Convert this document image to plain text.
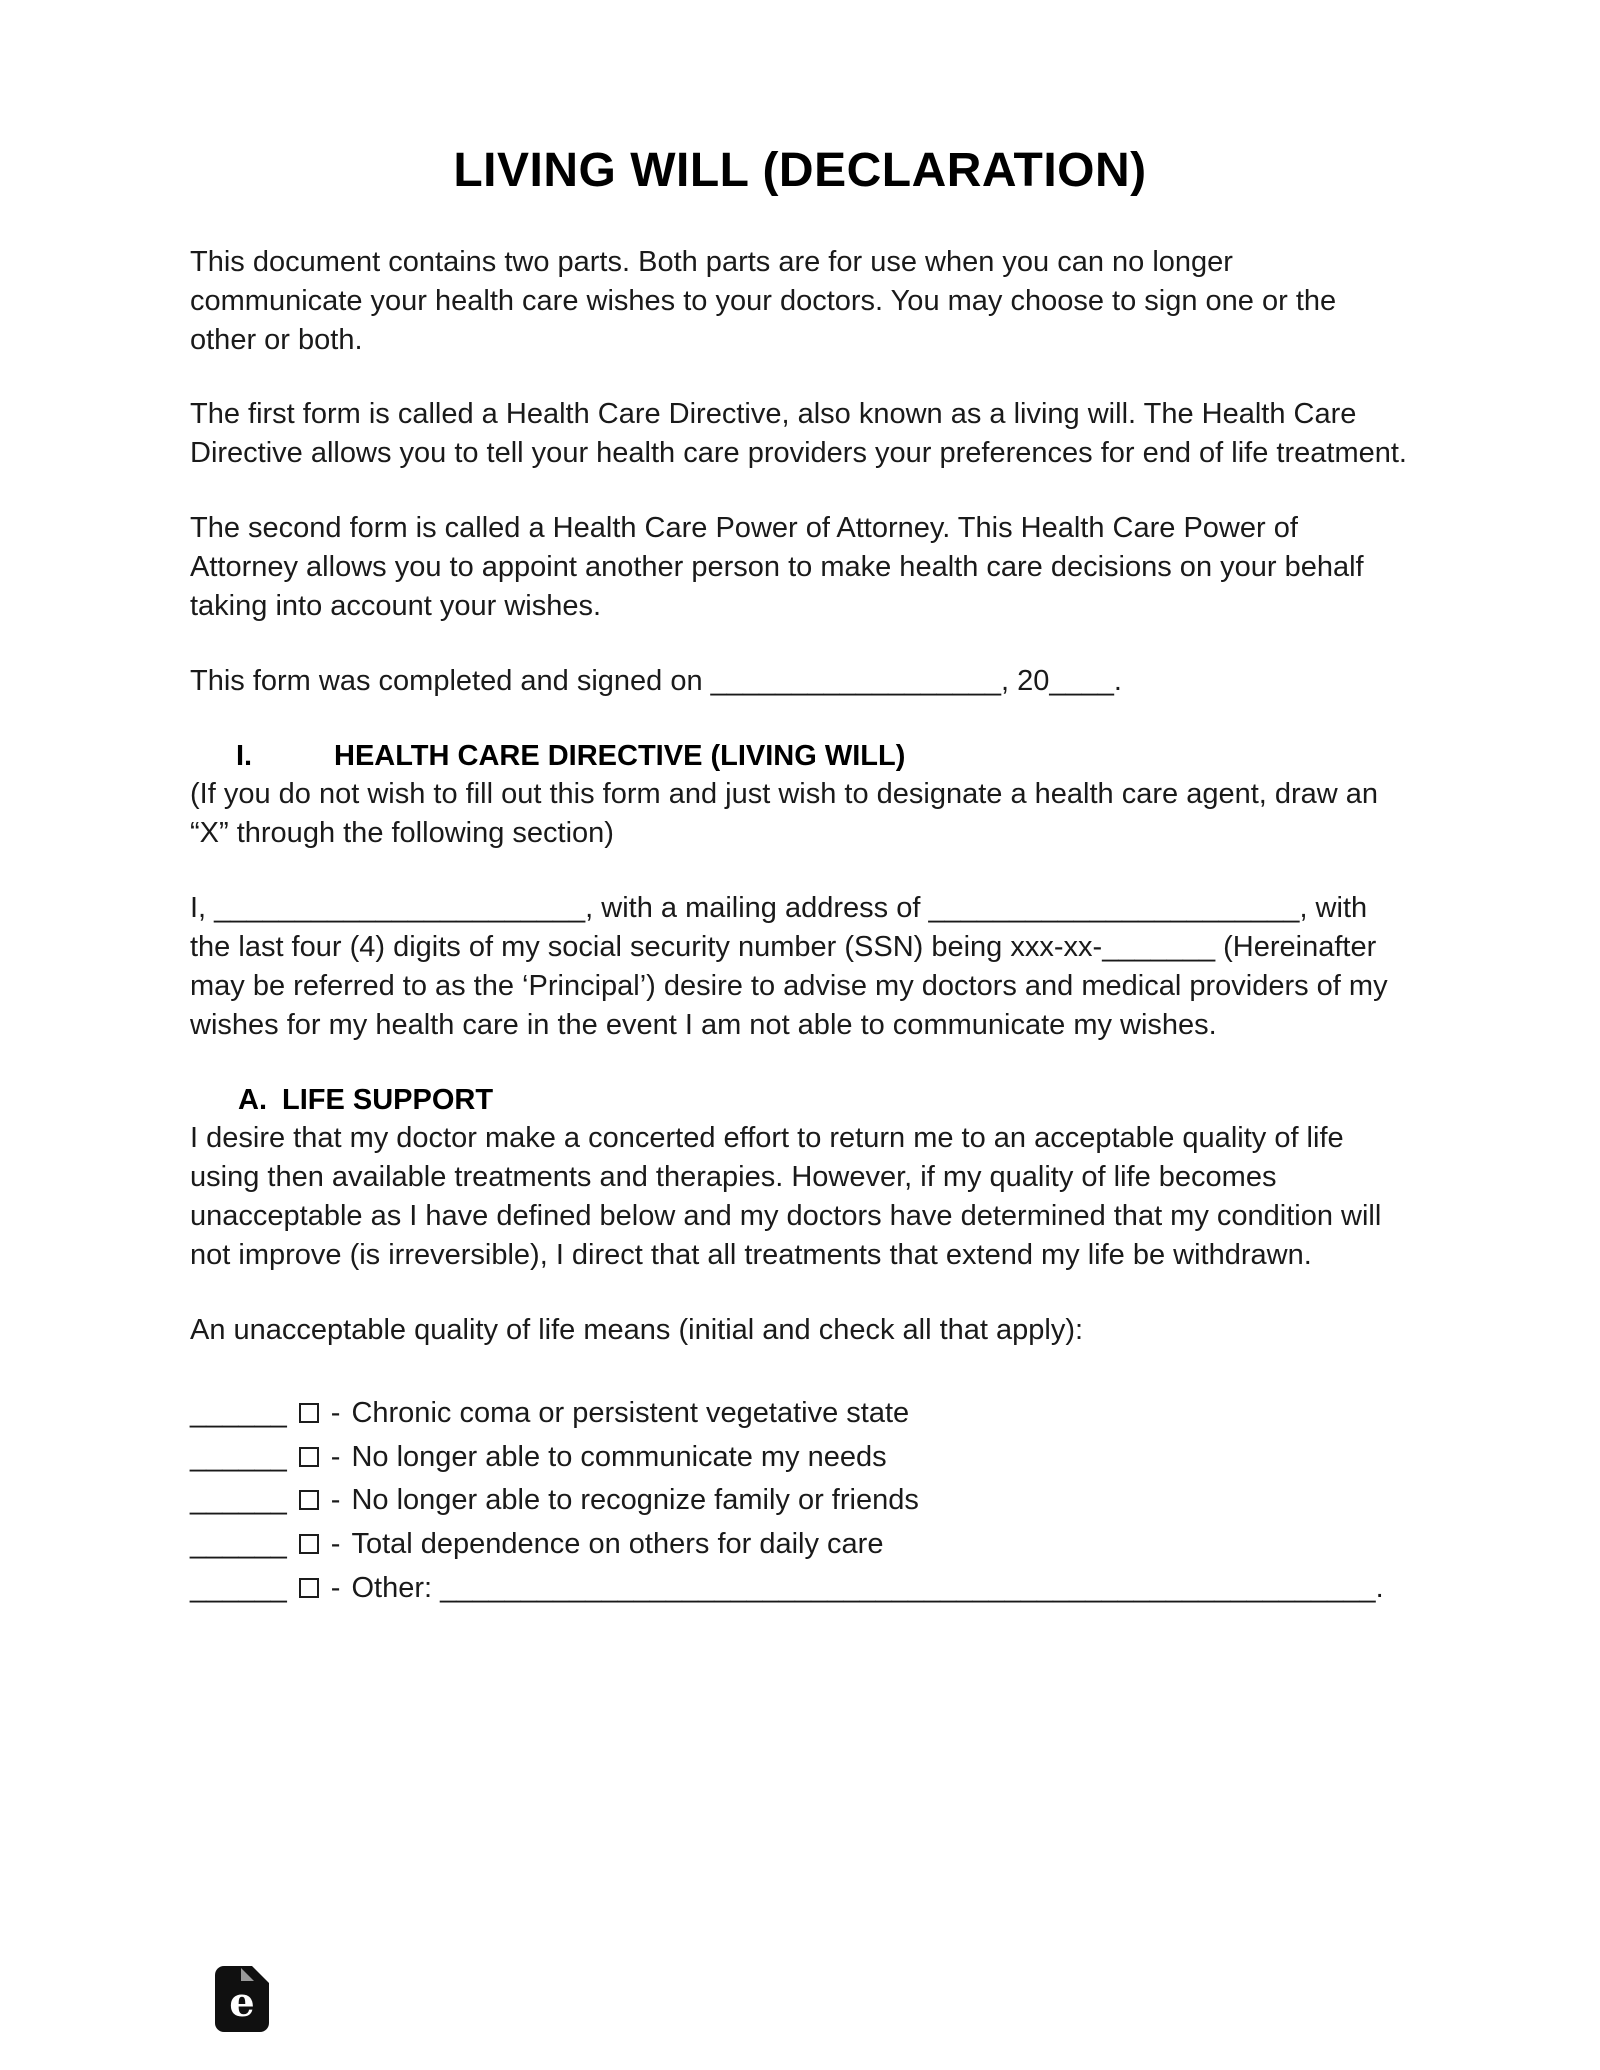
LIVING WILL (DECLARATION)

This document contains two parts. Both parts are for use when you can no longer communicate your health care wishes to your doctors. You may choose to sign one or the other or both.

The first form is called a Health Care Directive, also known as a living will. The Health Care Directive allows you to tell your health care providers your preferences for end of life treatment.

The second form is called a Health Care Power of Attorney. This Health Care Power of Attorney allows you to appoint another person to make health care decisions on your behalf taking into account your wishes.

This form was completed and signed on __________________, 20____.

I.	HEALTH CARE DIRECTIVE (LIVING WILL)

(If you do not wish to fill out this form and just wish to designate a health care agent, draw an “X” through the following section)

I, _______________________, with a mailing address of _______________________, with the last four (4) digits of my social security number (SSN) being xxx-xx-_______ (Hereinafter may be referred to as the ‘Principal’) desire to advise my doctors and medical providers of my wishes for my health care in the event I am not able to communicate my wishes.

A. LIFE SUPPORT

I desire that my doctor make a concerted effort to return me to an acceptable quality of life using then available treatments and therapies. However, if my quality of life becomes unacceptable as I have defined below and my doctors have determined that my condition will not improve (is irreversible), I direct that all treatments that extend my life be withdrawn.

An unacceptable quality of life means (initial and check all that apply):

______ - Chronic coma or persistent vegetative state
______ - No longer able to communicate my needs
______ - No longer able to recognize family or friends
______ - Total dependence on others for daily care
______ - Other: __________________________________________________________.
e
